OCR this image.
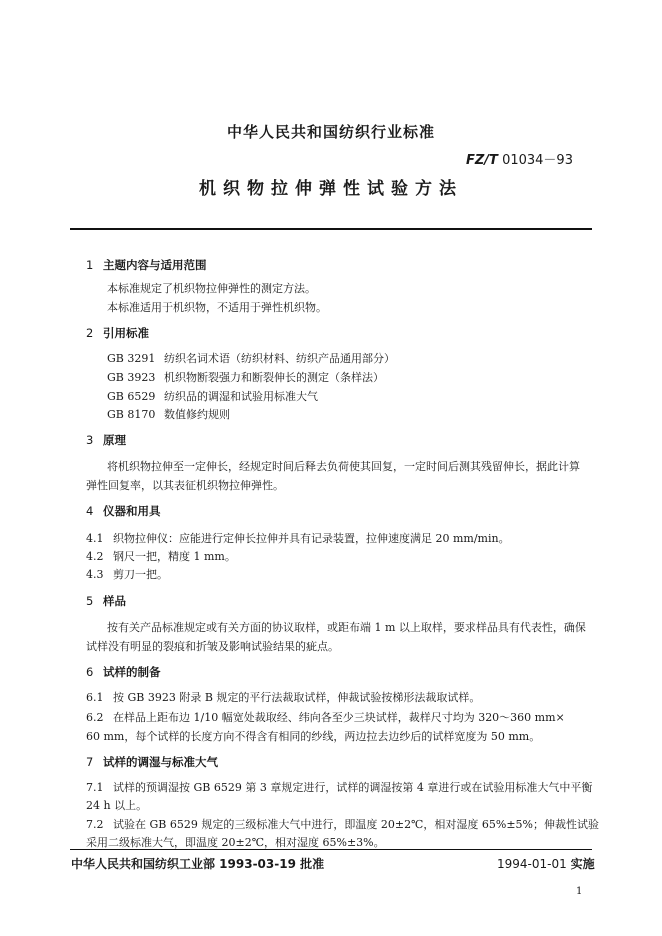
中华人民共和国纺织行业标准
FZ/T 01034－93
机织物拉伸弹性试验方法
1 主题内容与适用范围
本标准规定了机织物拉伸弹性的测定方法。
本标准适用于机织物，不适用于弹性机织物。
2 引用标准
GB 3291 纺织名词术语（纺织材料、纺织产品通用部分）
GB 3923 机织物断裂强力和断裂伸长的测定（条样法）
GB 6529 纺织品的调湿和试验用标准大气
GB 8170 数值修约规则
3 原理
将机织物拉伸至一定伸长，经规定时间后释去负荷使其回复，一定时间后测其残留伸长，据此计算
弹性回复率，以其表征机织物拉伸弹性。
4 仪器和用具
4.1 织物拉伸仪：应能进行定伸长拉伸并具有记录装置，拉伸速度满足 20 mm/min。
4.2 钢尺一把，精度 1 mm。
4.3 剪刀一把。
5 样品
按有关产品标准规定或有关方面的协议取样，或距布端 1 m 以上取样，要求样品具有代表性，确保
试样没有明显的裂痕和折皱及影响试验结果的疵点。
6 试样的制备
6.1 按 GB 3923 附录 B 规定的平行法裁取试样，伸裁试验按梯形法裁取试样。
6.2 在样品上距布边 1/10 幅宽处裁取经、纬向各至少三块试样，裁样尺寸均为 320～360 mm×
60 mm，每个试样的长度方向不得含有相同的纱线，两边拉去边纱后的试样宽度为 50 mm。
7 试样的调湿与标准大气
7.1 试样的预调湿按 GB 6529 第 3 章规定进行，试样的调湿按第 4 章进行或在试验用标准大气中平衡
24 h 以上。
7.2 试验在 GB 6529 规定的三级标准大气中进行，即温度 20±2℃，相对湿度 65%±5%；伸裁性试验
采用二级标准大气，即温度 20±2℃，相对湿度 65%±3%。
中华人民共和国纺织工业部 1993-03-19 批准	1994-01-01 实施
1
